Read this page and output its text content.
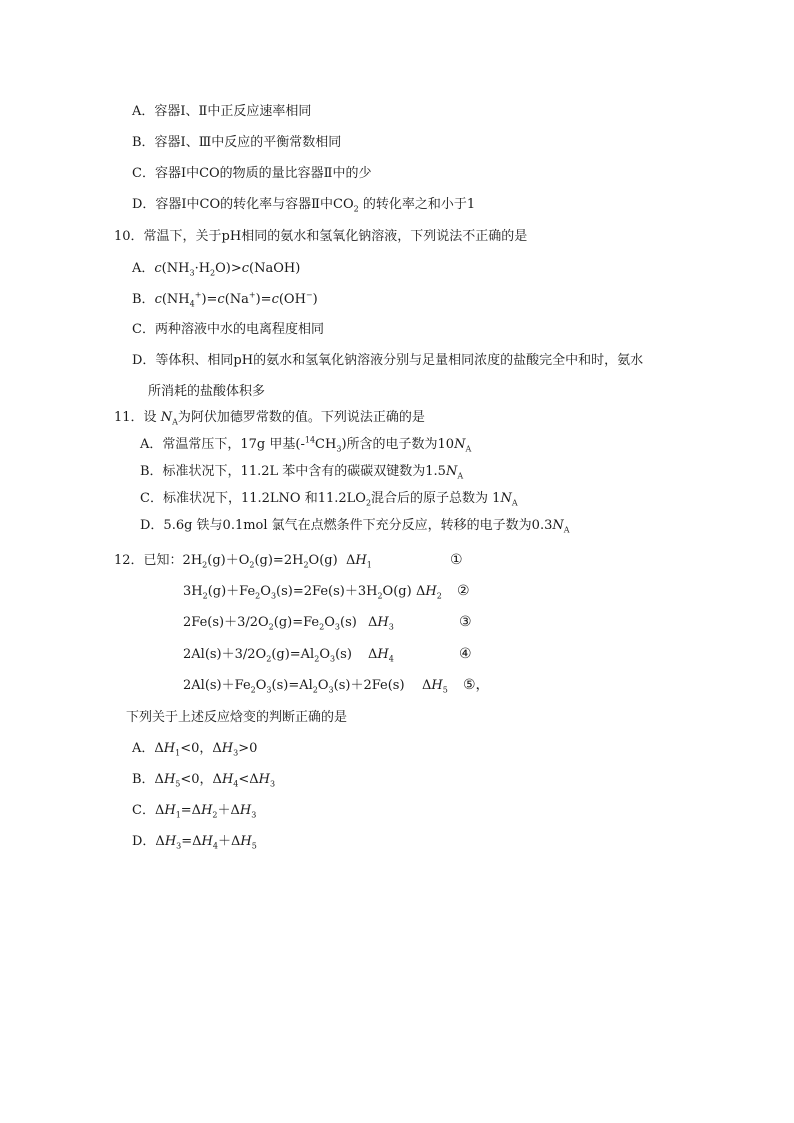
A．容器Ⅰ、Ⅱ中正反应速率相同
B．容器Ⅰ、Ⅲ中反应的平衡常数相同
C．容器Ⅰ中CO的物质的量比容器Ⅱ中的少
D．容器Ⅰ中CO的转化率与容器Ⅱ中$CO_2$ 的转化率之和小于1
10．常温下，关于pH相同的氨水和氢氧化钠溶液，下列说法不正确的是
A．$c(NH_3\cdot H_2O)>c(NaOH)$
B．$c(NH_4^+)=c(Na^+)=c(OH^-)$
C．两种溶液中水的电离程度相同
D．等体积、相同pH的氨水和氢氧化钠溶液分别与足量相同浓度的盐酸完全中和时，氨水
所消耗的盐酸体积多
11．设 $N_A$为阿伏加德罗常数的值。下列说法正确的是
A．常温常压下，17g 甲基$(-^{14}CH_3)$所含的电子数为$10N_A$
B．标准状况下，11.2L 苯中含有的碳碳双键数为$1.5N_A$
C．标准状况下，11.2LNO 和$11.2LO_2$混合后的原子总数为 $1N_A$
D．5.6g 铁与0.1mol 氯气在点燃条件下充分反应，转移的电子数为$0.3N_A$
12．已知：$2H_2(g)+O_2(g)=2H_2O(g)$ $\Delta H_1$	①
$3H_2(g)+Fe_2O_3(s)=2Fe(s)+3H_2O(g)$ $\Delta H_2$ ②
$2Fe(s)+3/2O_2(g)=Fe_2O_3(s)$ $\Delta H_3$	③
$2Al(s)+3/2O_2(g)=Al_2O_3(s)$ $\Delta H_4$	④
$2Al(s)+Fe_2O_3(s)=Al_2O_3(s)+2Fe(s)$ $\Delta H_5$ ⑤，
下列关于上述反应焓变的判断正确的是
A．$\Delta H_1<0$，$\Delta H_3>0$
B．$\Delta H_5<0$，$\Delta H_4<\Delta H_3$
C．$\Delta H_1=\Delta H_2+\Delta H_3$
D．$\Delta H_3=\Delta H_4+\Delta H_5$
